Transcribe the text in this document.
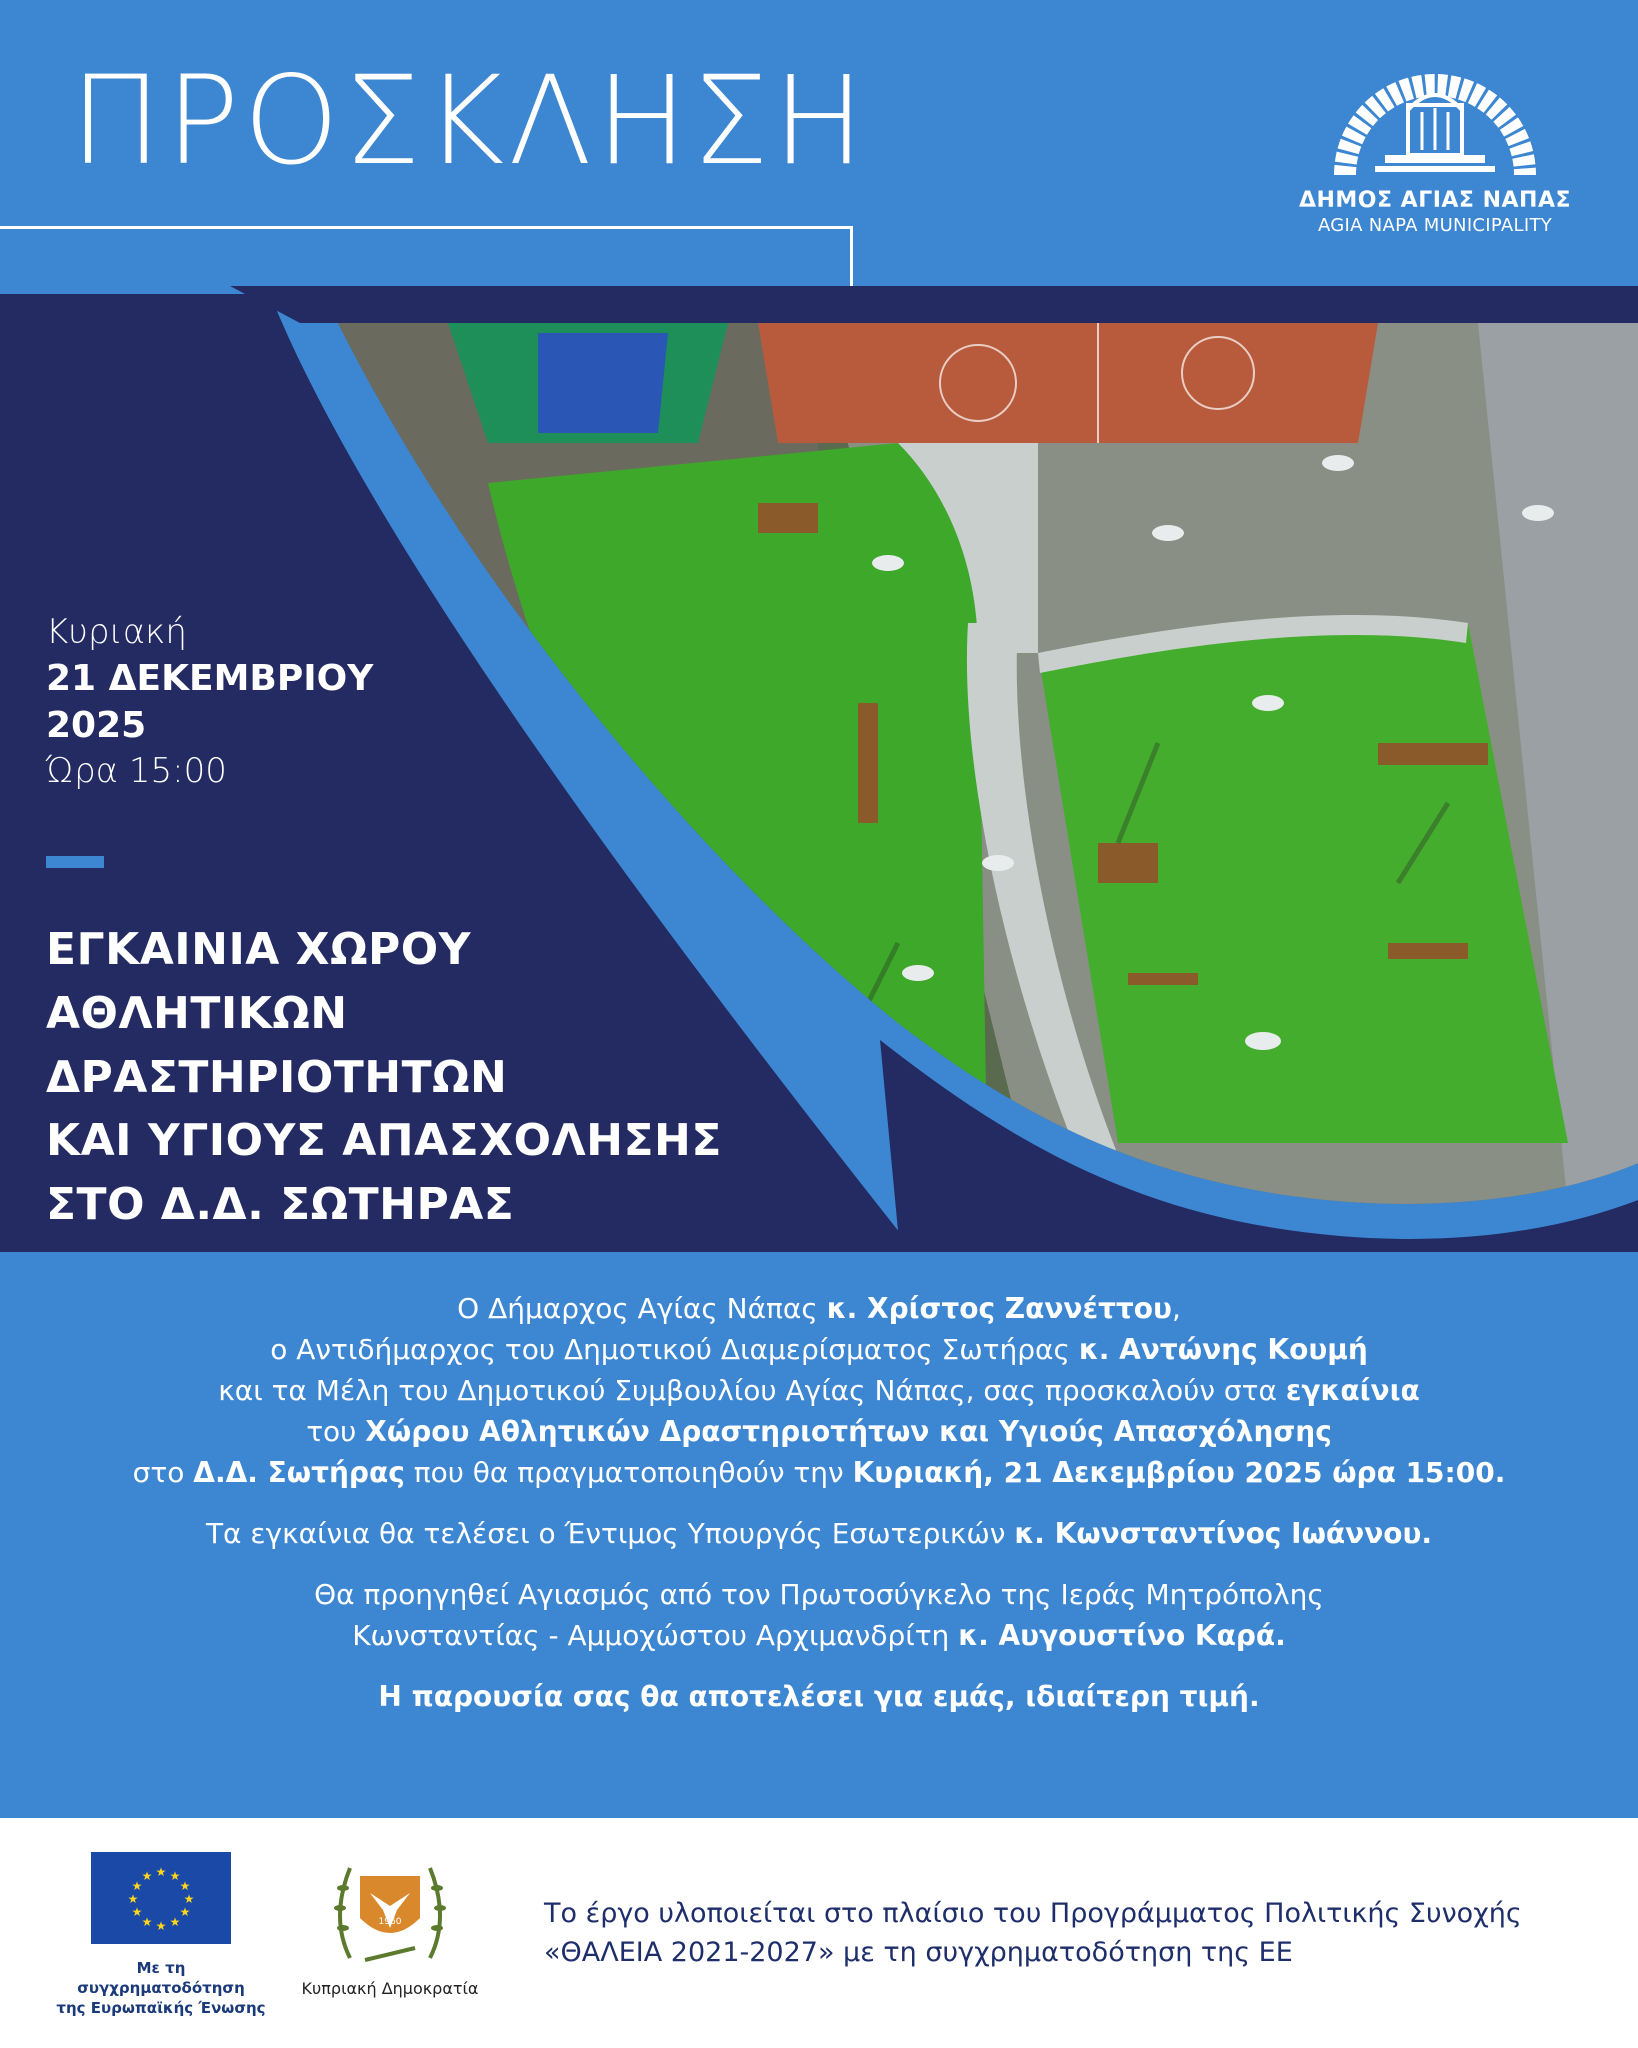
ΠΡΟΣΚΛΗΣΗ
ΔΗΜΟΣ ΑΓΙΑΣ ΝΑΠΑΣ
AGIA NAPA MUNICIPALITY
Κυριακή
21 ΔΕΚΕΜΒΡΙΟΥ
2025
Ώρα 15:00
ΕΓΚΑΙΝΙΑ ΧΩΡΟΥ
ΑΘΛΗΤΙΚΩΝ
ΔΡΑΣΤΗΡΙΟΤΗΤΩΝ
ΚΑΙ ΥΓΙΟΥΣ ΑΠΑΣΧΟΛΗΣΗΣ
ΣΤΟ Δ.Δ. ΣΩΤΗΡΑΣ
Ο Δήμαρχος Αγίας Νάπας κ. Χρίστος Ζαννέττου,
ο Αντιδήμαρχος του Δημοτικού Διαμερίσματος Σωτήρας κ. Αντώνης Κουμή
και τα Μέλη του Δημοτικού Συμβουλίου Αγίας Νάπας, σας προσκαλούν στα εγκαίνια
του Χώρου Αθλητικών Δραστηριοτήτων και Υγιούς Απασχόλησης
στο Δ.Δ. Σωτήρας που θα πραγματοποιηθούν την Κυριακή, 21 Δεκεμβρίου 2025 ώρα 15:00.
Τα εγκαίνια θα τελέσει ο Έντιμος Υπουργός Εσωτερικών κ. Κωνσταντίνος Ιωάννου.
Θα προηγηθεί Αγιασμός από τον Πρωτοσύγκελο της Ιεράς Μητρόπολης
Κωνσταντίας - Αμμοχώστου Αρχιμανδρίτη κ. Αυγουστίνο Καρά.
Η παρουσία σας θα αποτελέσει για εμάς, ιδιαίτερη τιμή.
★ ★
★
★
★
★
★
★
★
★
★
★
Με τη συγχρηματοδότηση
της Ευρωπαϊκής Ένωσης
1960
Κυπριακή Δημοκρατία
Το έργο υλοποιείται στο πλαίσιο του Προγράμματος Πολιτικής Συνοχής
«ΘΑΛΕΙΑ 2021-2027» με τη συγχρηματοδότηση της ΕΕ
